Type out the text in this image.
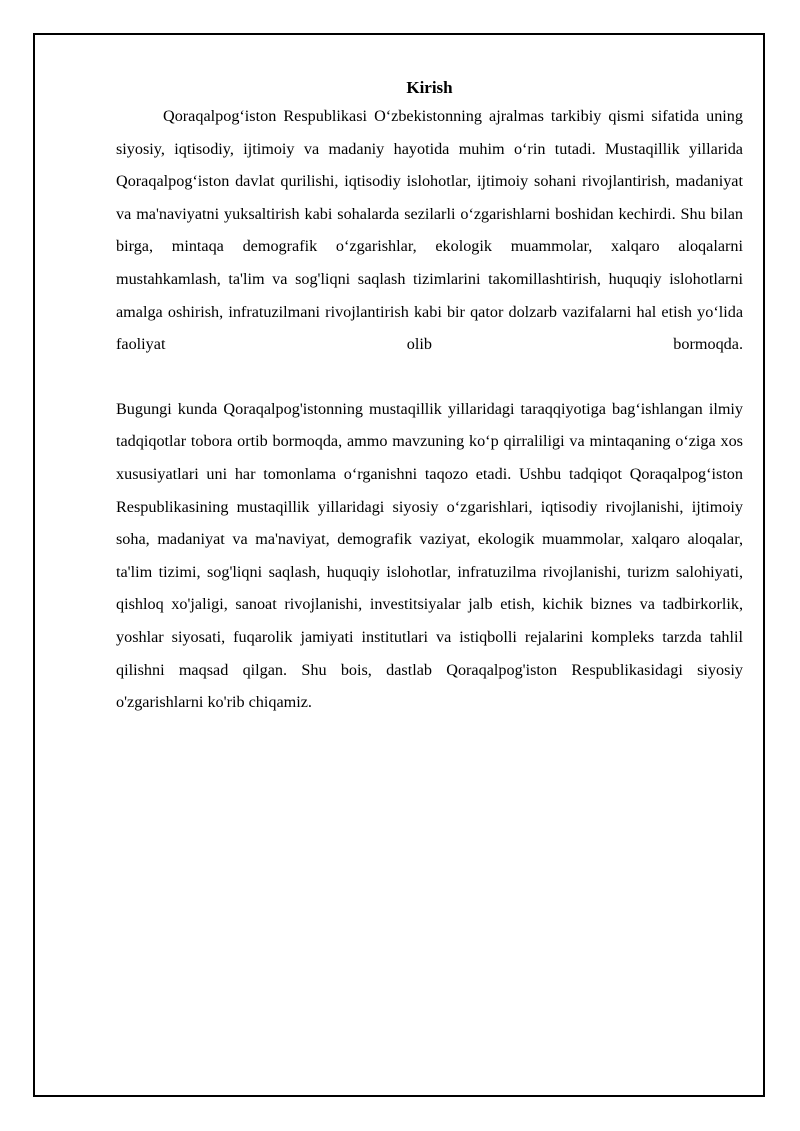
Kirish

Qoraqalpog‘iston Respublikasi O‘zbekistonning ajralmas tarkibiy qismi sifatida uning siyosiy, iqtisodiy, ijtimoiy va madaniy hayotida muhim o‘rin tutadi. Mustaqillik yillarida Qoraqalpog‘iston davlat qurilishi, iqtisodiy islohotlar, ijtimoiy sohani rivojlantirish, madaniyat va ma'naviyatni yuksaltirish kabi sohalarda sezilarli o‘zgarishlarni boshidan kechirdi. Shu bilan birga, mintaqa demografik o‘zgarishlar, ekologik muammolar, xalqaro aloqalarni mustahkamlash, ta'lim va sog'liqni saqlash tizimlarini takomillashtirish, huquqiy islohotlarni amalga oshirish, infratuzilmani rivojlantirish kabi bir qator dolzarb vazifalarni hal etish yo‘lida faoliyat olib bormoqda.

Bugungi kunda Qoraqalpog'istonning mustaqillik yillaridagi taraqqiyotiga bag‘ishlangan ilmiy tadqiqotlar tobora ortib bormoqda, ammo mavzuning ko‘p qirraliligi va mintaqaning o‘ziga xos xususiyatlari uni har tomonlama o‘rganishni taqozo etadi. Ushbu tadqiqot Qoraqalpog‘iston Respublikasining mustaqillik yillaridagi siyosiy o‘zgarishlari, iqtisodiy rivojlanishi, ijtimoiy soha, madaniyat va ma'naviyat, demografik vaziyat, ekologik muammolar, xalqaro aloqalar, ta'lim tizimi, sog'liqni saqlash, huquqiy islohotlar, infratuzilma rivojlanishi, turizm salohiyati, qishloq xo'jaligi, sanoat rivojlanishi, investitsiyalar jalb etish, kichik biznes va tadbirkorlik, yoshlar siyosati, fuqarolik jamiyati institutlari va istiqbolli rejalarini kompleks tarzda tahlil qilishni maqsad qilgan. Shu bois, dastlab Qoraqalpog'iston Respublikasidagi siyosiy o'zgarishlarni ko'rib chiqamiz.
